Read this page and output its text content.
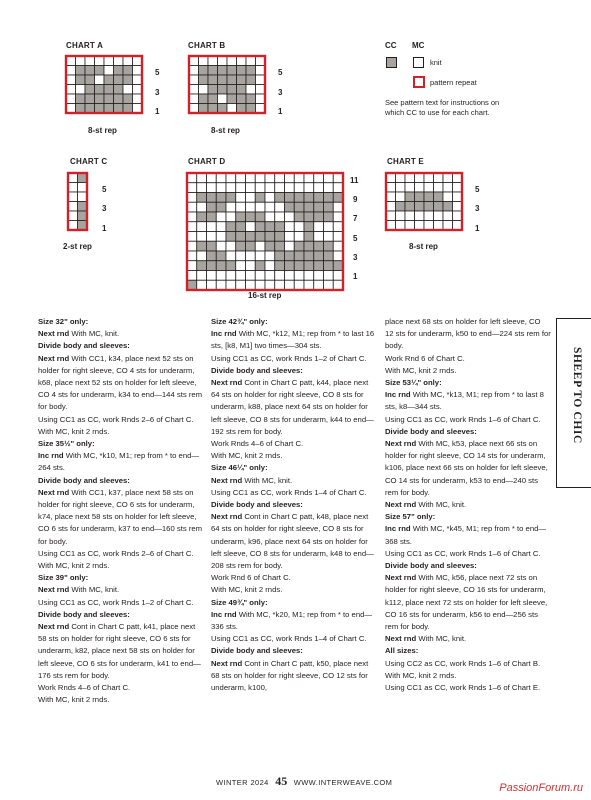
CHART A
5
3
1
8-st rep
CHART B
5
3
1
8-st rep
CHART C
5
3
1
2-st rep
CHART D
11
9
7
5
3
1
16-st rep
CHART E
5
3
1
8-st rep
CC MC
knit
pattern repeat
See pattern text for instructions on which CC to use for each chart.

Size 32" only:

Next rnd With MC, knit.

Divide body and sleeves:

Next rnd With CC1, k34, place next 52 sts on holder for right sleeve, CO 4 sts for underarm, k68, place next 52 sts on holder for left sleeve, CO 4 sts for underarm, k34 to end—144 sts rem for body.

Using CC1 as CC, work Rnds 2–6 of Chart C.

With MC, knit 2 rnds.

Size 35½" only:

Inc rnd With MC, *k10, M1; rep from * to end—264 sts.

Divide body and sleeves:

Next rnd With CC1, k37, place next 58 sts on holder for right sleeve, CO 6 sts for underarm, k74, place next 58 sts on holder for left sleeve, CO 6 sts for underarm, k37 to end—160 sts rem for body.

Using CC1 as CC, work Rnds 2–6 of Chart C.

With MC, knit 2 rnds.

Size 39" only:

Next rnd With MC, knit.

Using CC1 as CC, work Rnds 1–2 of Chart C.

Divide body and sleeves:

Next rnd Cont in Chart C patt, k41, place next 58 sts on holder for right sleeve, CO 6 sts for underarm, k82, place next 58 sts on holder for left sleeve, CO 6 sts for underarm, k41 to end—176 sts rem for body.

Work Rnds 4–6 of Chart C.

With MC, knit 2 rnds.

Size 42¾" only:

Inc rnd With MC, *k12, M1; rep from * to last 16 sts, [k8, M1] two times—304 sts.

Using CC1 as CC, work Rnds 1–2 of Chart C.

Divide body and sleeves:

Next rnd Cont in Chart C patt, k44, place next 64 sts on holder for right sleeve, CO 8 sts for underarm, k88, place next 64 sts on holder for left sleeve, CO 8 sts for underarm, k44 to end—192 sts rem for body.

Work Rnds 4–6 of Chart C.

With MC, knit 2 rnds.

Size 46¼" only:

Next rnd With MC, knit.

Using CC1 as CC, work Rnds 1–4 of Chart C.

Divide body and sleeves:

Next rnd Cont in Chart C patt, k48, place next 64 sts on holder for right sleeve, CO 8 sts for underarm, k96, place next 64 sts on holder for left sleeve, CO 8 sts for underarm, k48 to end—208 sts rem for body.

Work Rnd 6 of Chart C.

With MC, knit 2 rnds.

Size 49¾" only:

Inc rnd With MC, *k20, M1; rep from * to end—336 sts.

Using CC1 as CC, work Rnds 1–4 of Chart C.

Divide body and sleeves:

Next rnd Cont in Chart C patt, k50, place next 68 sts on holder for right sleeve, CO 12 sts for underarm, k100,

place next 68 sts on holder for left sleeve, CO 12 sts for underarm, k50 to end—224 sts rem for body.

Work Rnd 6 of Chart C.

With MC, knit 2 rnds.

Size 53¼" only:

Inc rnd With MC, *k13, M1; rep from * to last 8 sts, k8—344 sts.

Using CC1 as CC, work Rnds 1–6 of Chart C.

Divide body and sleeves:

Next rnd With MC, k53, place next 66 sts on holder for right sleeve, CO 14 sts for underarm, k106, place next 66 sts on holder for left sleeve, CO 14 sts for underarm, k53 to end—240 sts rem for body.

Next rnd With MC, knit.

Size 57" only:

Inc rnd With MC, *k45, M1; rep from * to end—368 sts.

Using CC1 as CC, work Rnds 1–6 of Chart C.

Divide body and sleeves:

Next rnd With MC, k56, place next 72 sts on holder for right sleeve, CO 16 sts for underarm, k112, place next 72 sts on holder for left sleeve, CO 16 sts for underarm, k56 to end—256 sts rem for body.

Next rnd With MC, knit.

All sizes:

Using CC2 as CC, work Rnds 1–6 of Chart B.

With MC, knit 2 rnds.

Using CC1 as CC, work Rnds 1–6 of Chart E.

SHEEP TO CHIC
WINTER 2024 45 WWW.INTERWEAVE.COM	PassionForum.ru
